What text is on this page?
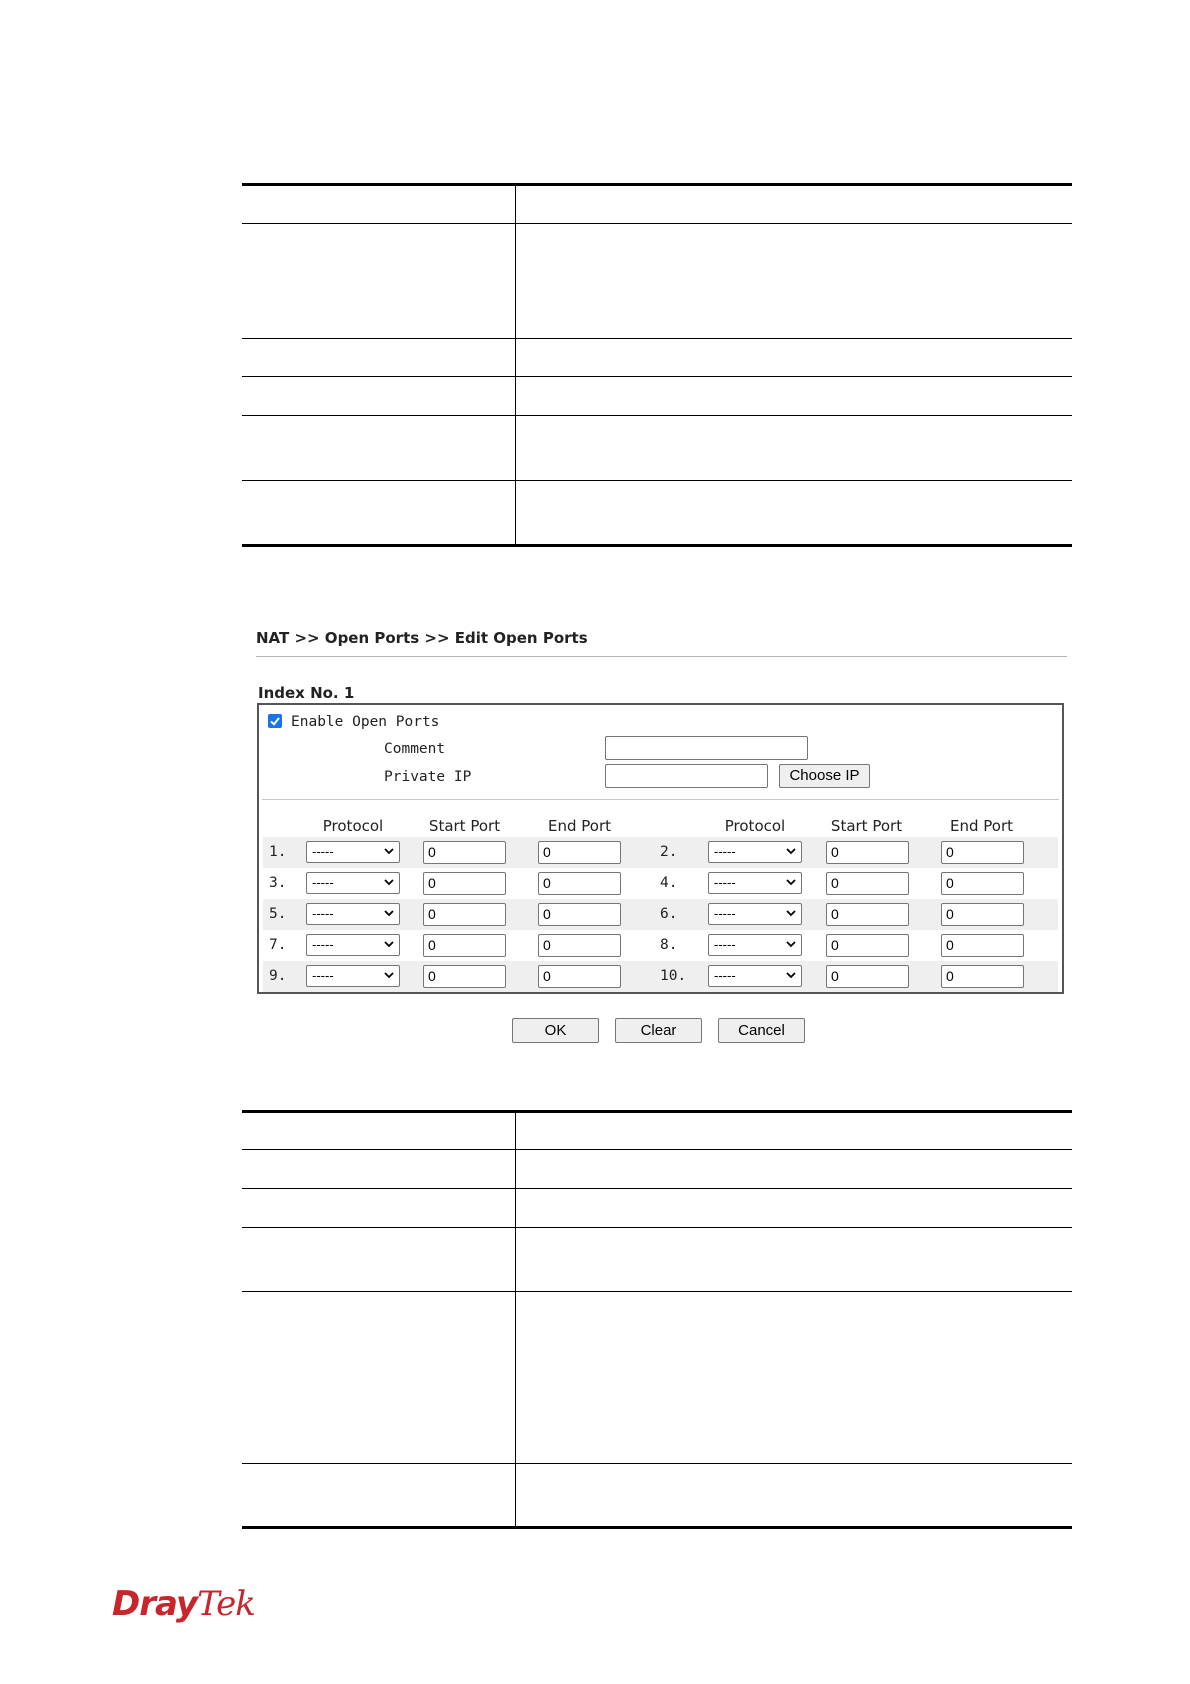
NAT >> Open Ports >> Edit Open Ports
Index No. 1
Enable Open Ports
Comment
Private IP	Choose IP
Protocol	Start Port	End Port	Protocol	Start Port	End Port
1.	-----	0	0	2.	-----	0	0
3.	-----	0	0	4.	-----	0	0
5.	-----	0	0	6.	-----	0	0
7.	-----	0	0	8.	-----	0	0
9.	-----	0	0	10.	-----	0	0
OK	Clear	Cancel

DrayTek
